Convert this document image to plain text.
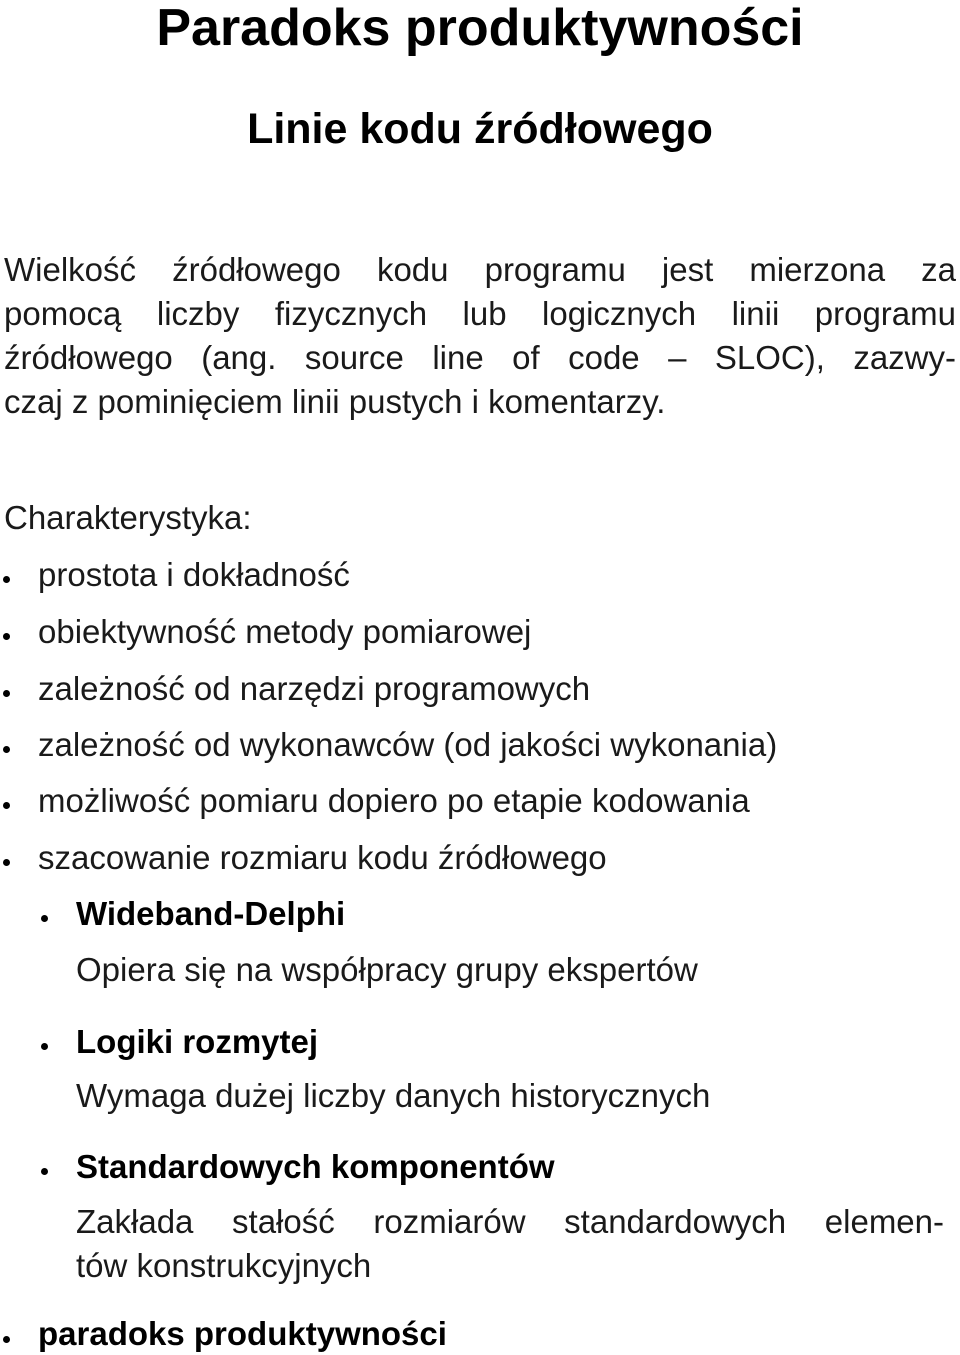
Paradoks produktywności
Linie kodu źródłowego
Wielkość źródłowego kodu programu jest mierzona za
pomocą liczby fizycznych lub logicznych linii programu
źródłowego (ang. source line of code – SLOC), zazwy-
czaj z pominięciem linii pustych i komentarzy.
Charakterystyka:
prostota i dokładność
obiektywność metody pomiarowej
zależność od narzędzi programowych
zależność od wykonawców (od jakości wykonania)
możliwość pomiaru dopiero po etapie kodowania
szacowanie rozmiaru kodu źródłowego
Wideband-Delphi
Opiera się na współpracy grupy ekspertów
Logiki rozmytej
Wymaga dużej liczby danych historycznych
Standardowych komponentów
Zakłada stałość rozmiarów standardowych elemen-
tów konstrukcyjnych
paradoks produktywności
